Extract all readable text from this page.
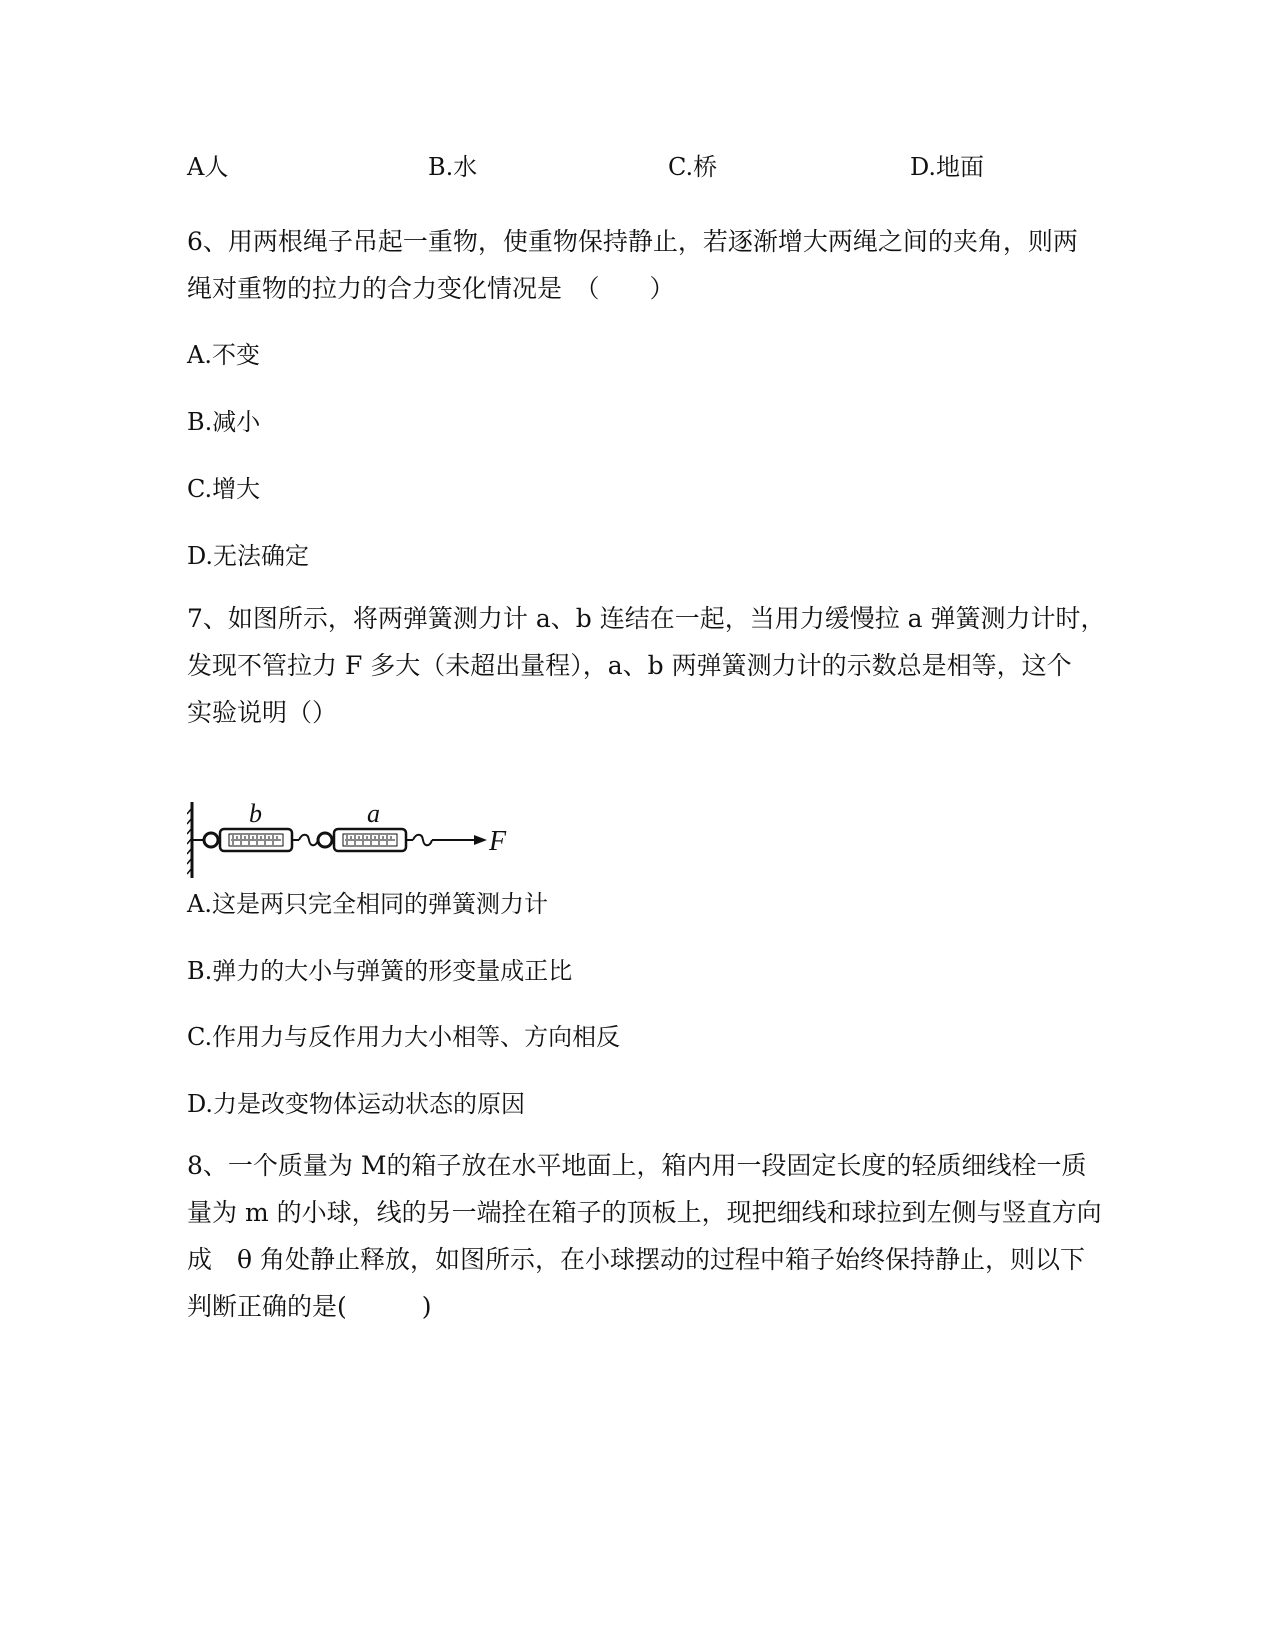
A人	B.水	C.桥	D.地面
6、用两根绳子吊起一重物，使重物保持静止，若逐渐增大两绳之间的夹角，则两
绳对重物的拉力的合力变化情况是　（　　）
A.不变
B.减小
C.增大
D.无法确定
7、如图所示，将两弹簧测力计 a、b 连结在一起，当用力缓慢拉 a 弹簧测力计时，
发现不管拉力 F 多大（未超出量程），a、b 两弹簧测力计的示数总是相等，这个
实验说明（）
b	a
F
A.这是两只完全相同的弹簧测力计
B.弹力的大小与弹簧的形变量成正比
C.作用力与反作用力大小相等、方向相反
D.力是改变物体运动状态的原因
8、一个质量为 M的箱子放在水平地面上，箱内用一段固定长度的轻质细线栓一质
量为 m 的小球，线的另一端拴在箱子的顶板上，现把细线和球拉到左侧与竖直方向
成　θ 角处静止释放，如图所示，在小球摆动的过程中箱子始终保持静止，则以下
判断正确的是(　　　)
